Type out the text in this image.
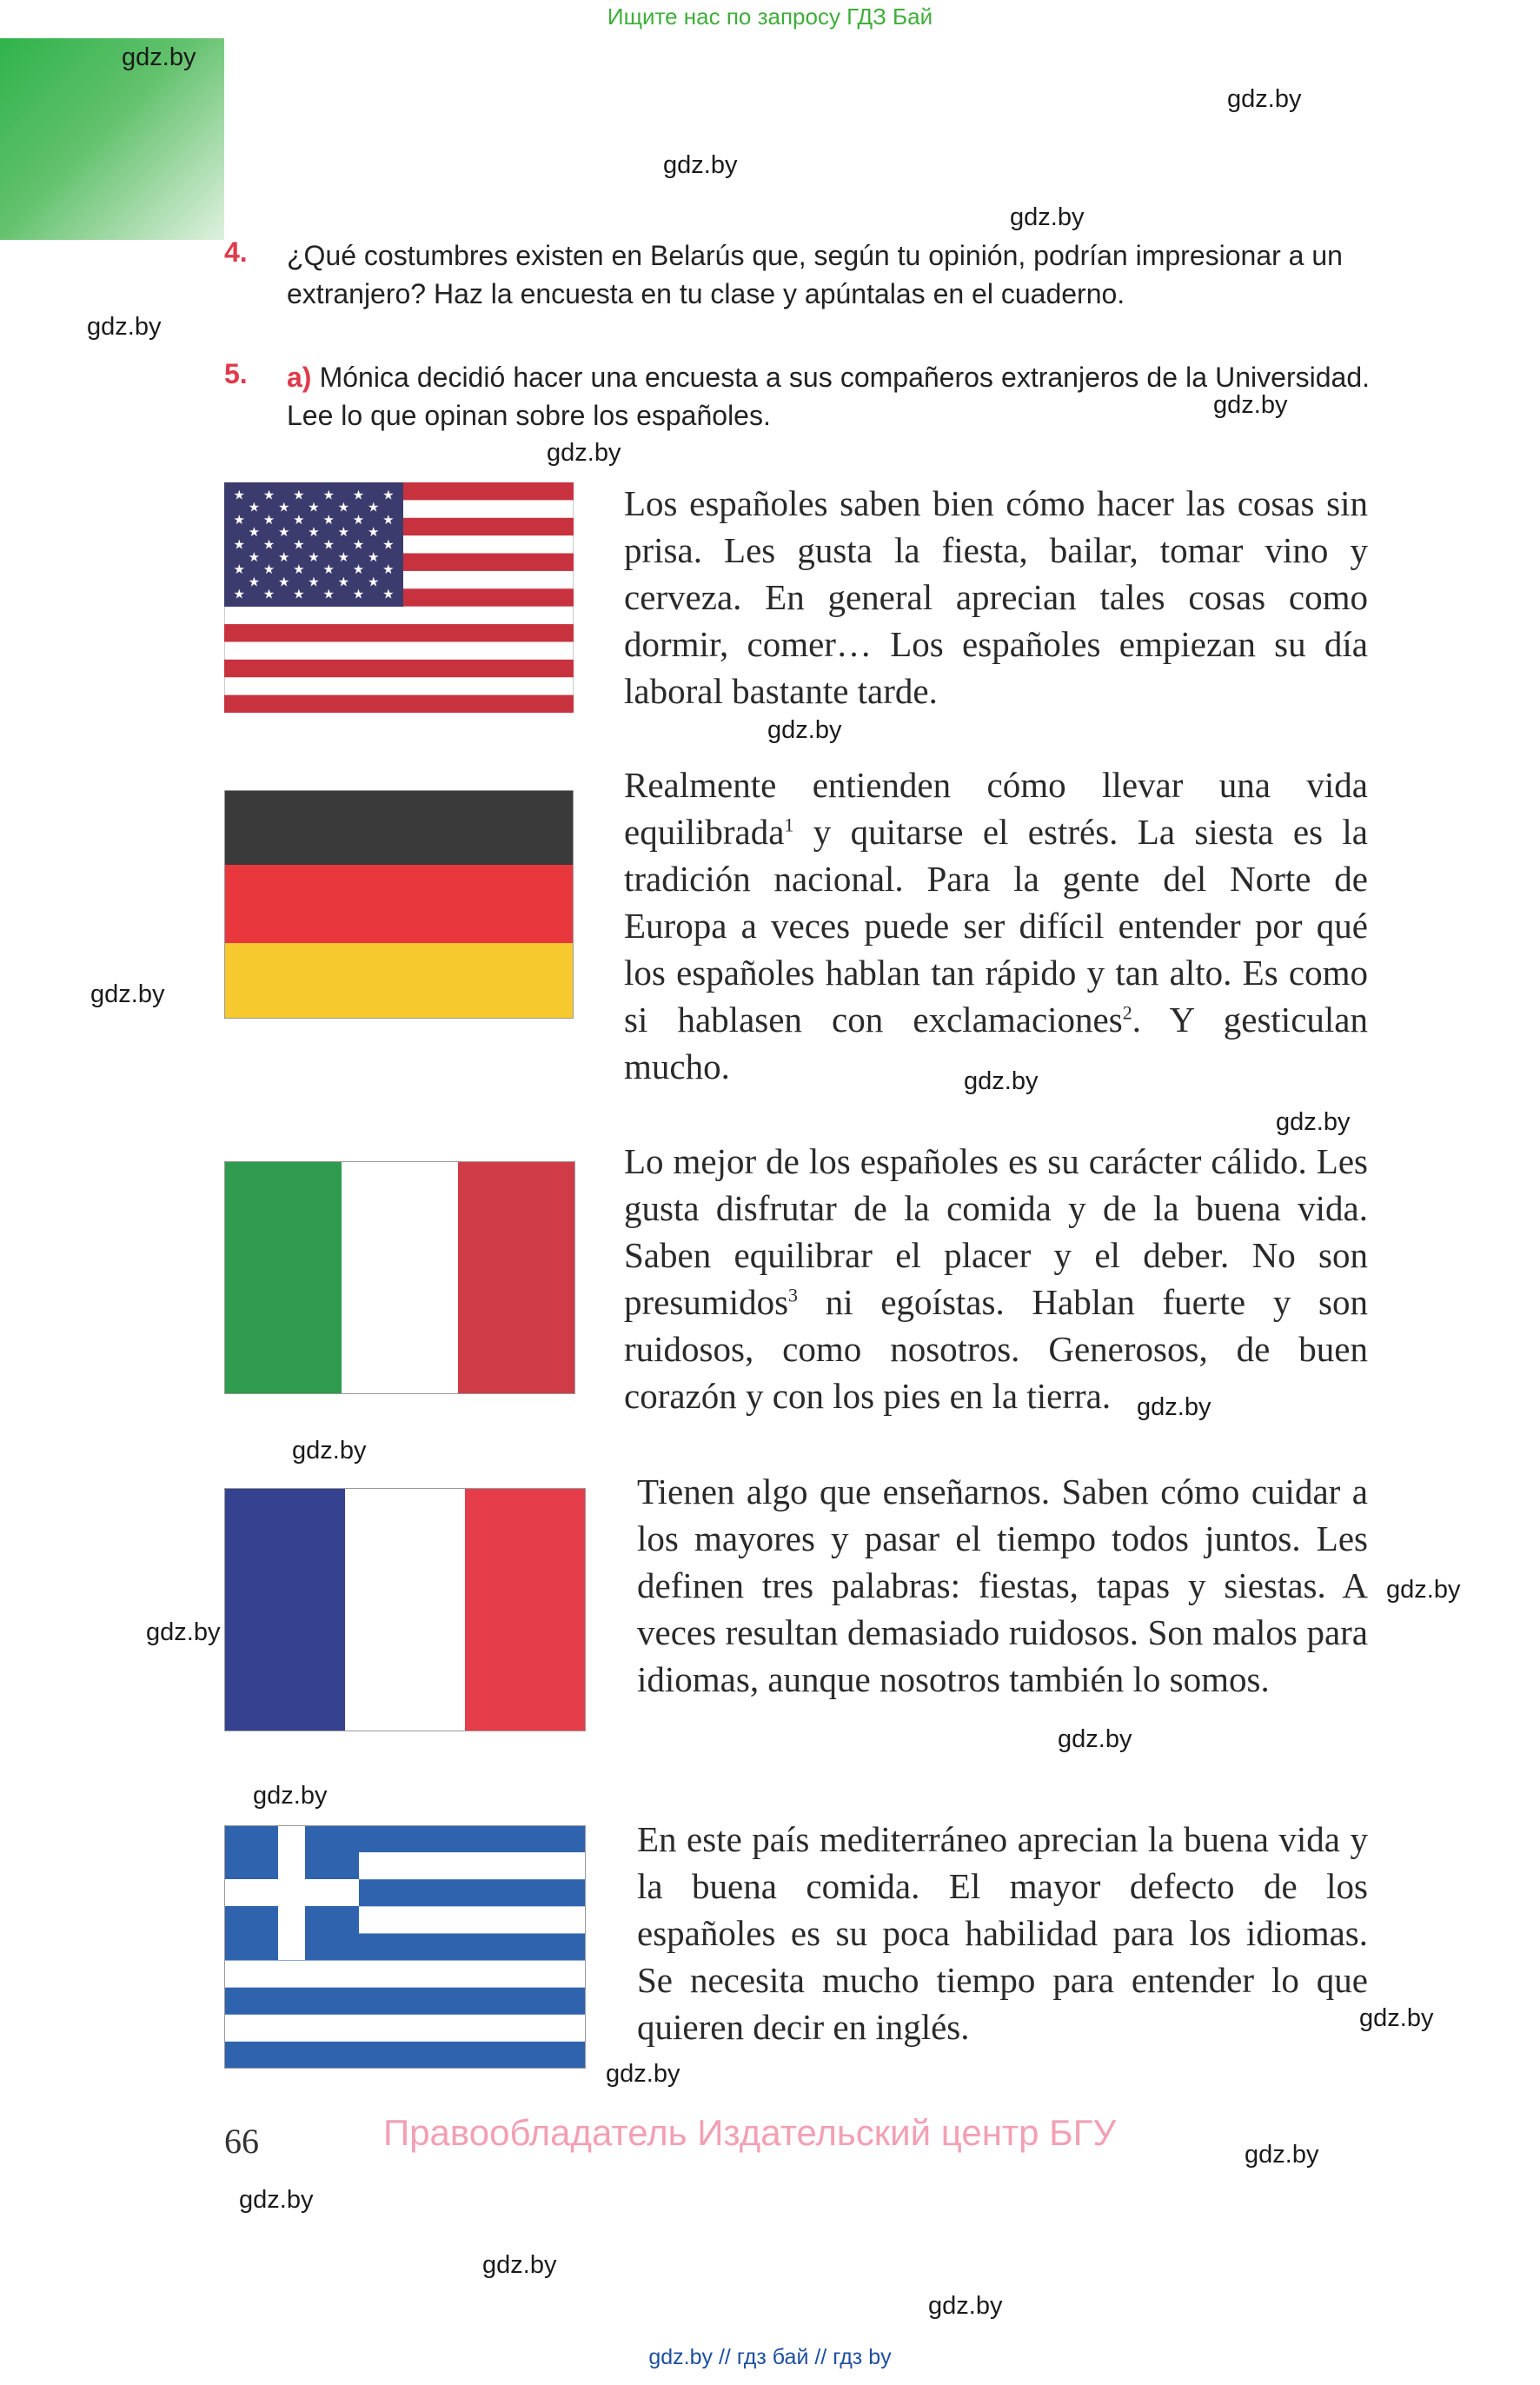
Ищите нас по запросу ГДЗ Бай
gdz.by
gdz.by
gdz.by
gdz.by
gdz.by
gdz.by
gdz.by
gdz.by
gdz.by
gdz.by
gdz.by
gdz.by
gdz.by
gdz.by
gdz.by
gdz.by
gdz.by
gdz.by
gdz.by
gdz.by
gdz.by
gdz.by
gdz.by
4. ¿Qué costumbres existen en Belarús que, según tu opinión, podrían impresionar a un extranjero? Haz la encuesta en tu clase y apúntalas en el cuaderno.
5. a) Mónica decidió hacer una encuesta a sus compañeros extranjeros de la Universidad. Lee lo que opinan sobre los españoles.
★ ★ ★ ★ ★ ★
★ ★ ★ ★ ★
★ ★ ★ ★ ★ ★
★ ★ ★ ★ ★
★ ★ ★ ★ ★ ★
★ ★ ★ ★ ★
★ ★ ★ ★ ★ ★
★ ★ ★ ★ ★
★ ★ ★ ★ ★ ★
Los españoles saben bien cómo hacer las cosas sin prisa. Les gusta la fiesta, bailar, tomar vino y cerveza. En general aprecian tales cosas como dormir, comer… Los españoles empiezan su día laboral bastante tarde.
Realmente entienden cómo llevar una vida equilibrada$^1$ y quitarse el estrés. La siesta es la tradición nacional. Para la gente del Norte de Europa a veces puede ser difícil entender por qué los españoles hablan tan rápido y tan alto. Es como si hablasen con exclamaciones$^2$. Y gesticulan mucho.
Lo mejor de los españoles es su carácter cálido. Les gusta disfrutar de la comida y de la buena vida. Saben equilibrar el placer y el deber. No son presumidos$^3$ ni egoístas. Hablan fuerte y son ruidosos, como nosotros. Generosos, de buen corazón y con los pies en la tierra.
Tienen algo que enseñarnos. Saben cómo cuidar a los mayores y pasar el tiempo todos juntos. Les definen tres palabras: fiestas, tapas y siestas. A veces resultan demasiado ruidosos. Son malos para idiomas, aunque nosotros también lo somos.
En este país mediterráneo aprecian la buena vida y la buena comida. El mayor defecto de los españoles es su poca habilidad para los idiomas. Se necesita mucho tiempo para entender lo que quieren decir en inglés.
66	Правообладатель Издательский центр БГУ
gdz.by // гдз бай // гдз by
